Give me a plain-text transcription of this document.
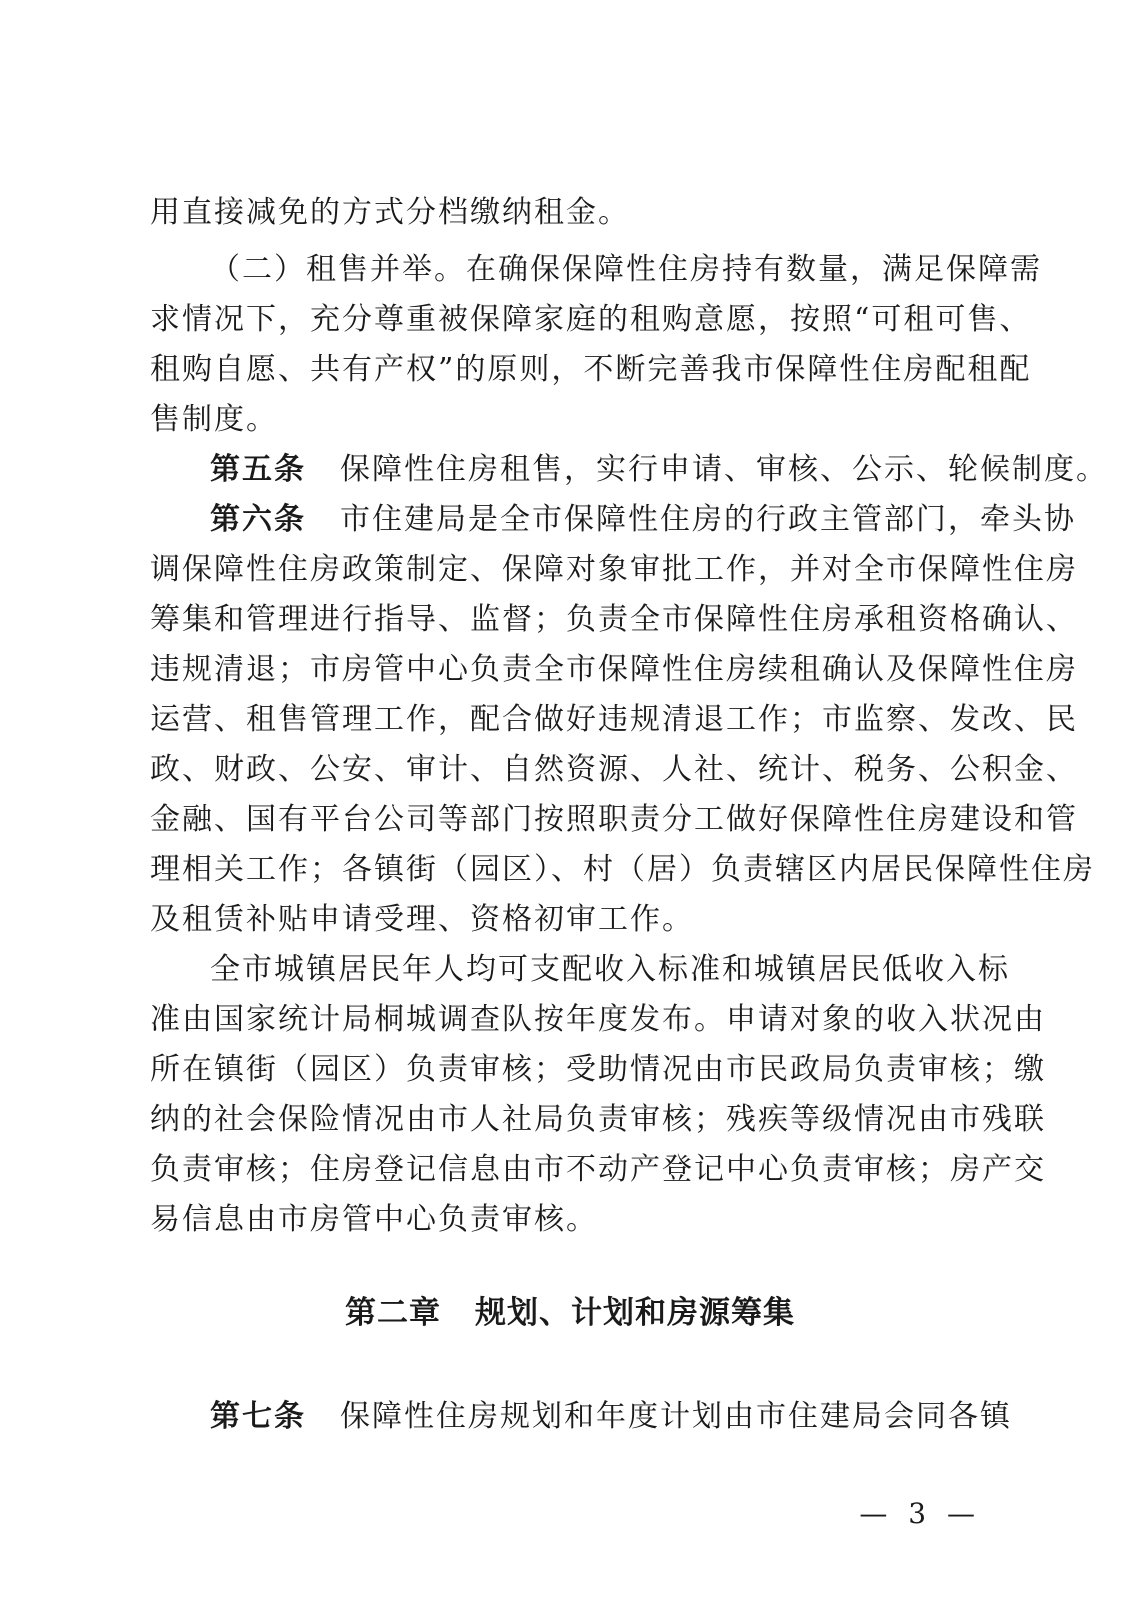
用直接减免的方式分档缴纳租金。
（二）租售并举。在确保保障性住房持有数量，满足保障需
求情况下，充分尊重被保障家庭的租购意愿，按照“可租可售、
租购自愿、共有产权”的原则，不断完善我市保障性住房配租配
售制度。
第五条 保障性住房租售，实行申请、审核、公示、轮候制度。
第六条 市住建局是全市保障性住房的行政主管部门，牵头协
调保障性住房政策制定、保障对象审批工作，并对全市保障性住房
筹集和管理进行指导、监督；负责全市保障性住房承租资格确认、
违规清退；市房管中心负责全市保障性住房续租确认及保障性住房
运营、租售管理工作，配合做好违规清退工作；市监察、发改、民
政、财政、公安、审计、自然资源、人社、统计、税务、公积金、
金融、国有平台公司等部门按照职责分工做好保障性住房建设和管
理相关工作；各镇街（园区）、村（居）负责辖区内居民保障性住房
及租赁补贴申请受理、资格初审工作。
全市城镇居民年人均可支配收入标准和城镇居民低收入标
准由国家统计局桐城调查队按年度发布。申请对象的收入状况由
所在镇街（园区）负责审核；受助情况由市民政局负责审核；缴
纳的社会保险情况由市人社局负责审核；残疾等级情况由市残联
负责审核；住房登记信息由市不动产登记中心负责审核；房产交
易信息由市房管中心负责审核。
第二章 规划、计划和房源筹集
第七条 保障性住房规划和年度计划由市住建局会同各镇
— 3 —
